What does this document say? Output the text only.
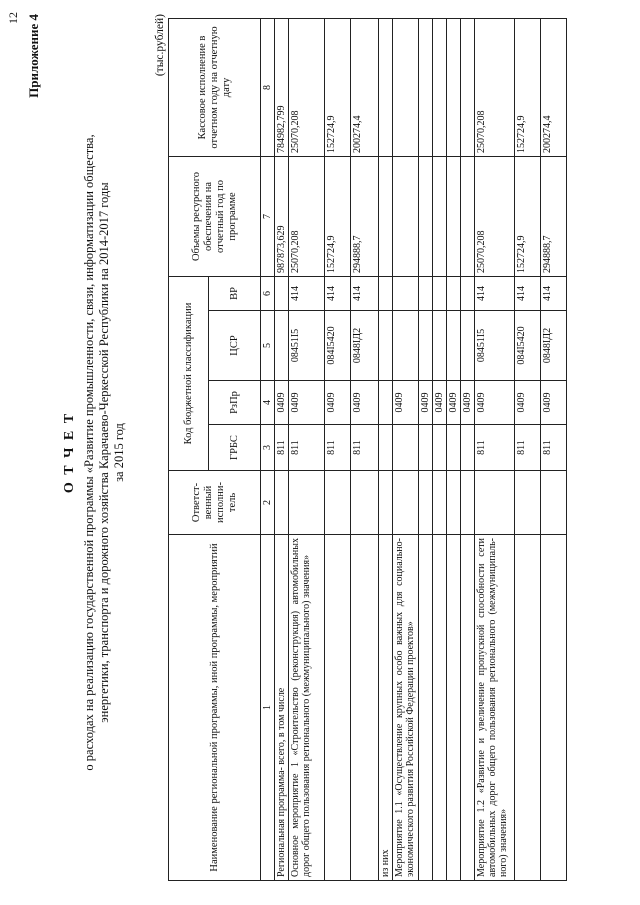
12 Приложение 4
О Т Ч Е Т о расходах на реализацию государственной программы «Развитие промышленности, связи, информатизации общества, энергетики, транспорта и дорожного хозяйства Карачаево-Черкесской Республики на 2014-2017 годы за 2015 год
(тыс.рублей)
Наименование региональной программы, иной программы, мероприятий	Ответст-венный исполни-тель	Код бюджетной классификации				Объемы ресурсного обеспечения на отчетный год по программе	Кассовое исполнение в отчетном году на отчетную дату
		ГРБС	РзПр	ЦСР	ВР		
1	2	3	4	5	6	7	8
Региональная программа- всего, в том числе		811	0409			987873,629	784982,799
Основное мероприятие 1 «Строительство (реконструкция) автомобильных дорог общего пользования регионального (межмуниципального) значения»		811	0409	08451I5	414	25070,208	25070,208
		811	0409	084I5420	414	152724,9	152724,9
		811	0409	0848IД2	414	294888,7	200274,4
из них							
Мероприятие 1.1 «Осуществление крупных особо важных для социально-экономического развития Российской Федерации проектов»			0409				
			0409				
			0409				
			0409				
			0409				
Мероприятие 1.2 «Развитие и увеличение пропускной способности сети автомобильных дорог общего пользования регионального (межмуниципаль-ного) значения»		811	0409	08451I5	414	25070,208	25070,208
		811	0409	084I5420	414	152724,9	152724,9
		811	0409	0848IД2	414	294888,7	200274,4
